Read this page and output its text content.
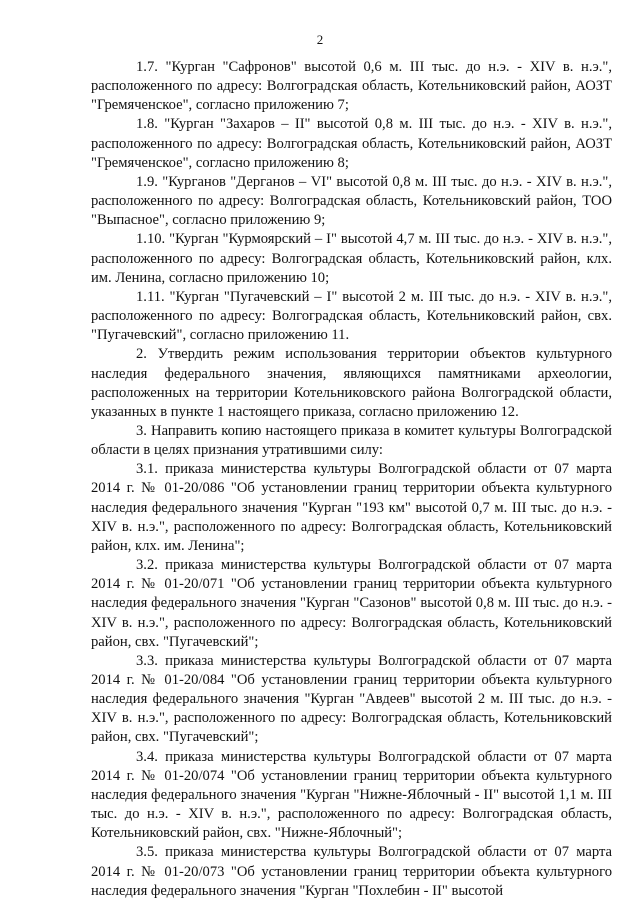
2

1.7. "Курган "Сафронов" высотой 0,6 м. III тыс. до н.э. - XIV в. н.э.", расположенного по адресу: Волгоградская область, Котельниковский район, АОЗТ "Гремяченское", согласно приложению 7;

1.8. "Курган "Захаров – II" высотой 0,8 м. III тыс. до н.э. - XIV в. н.э.", расположенного по адресу: Волгоградская область, Котельниковский район, АОЗТ "Гремяченское", согласно приложению 8;

1.9. "Курганов "Дерганов – VI" высотой 0,8 м. III тыс. до н.э. - XIV в. н.э.", расположенного по адресу: Волгоградская область, Котельниковский район, ТОО "Выпасное", согласно приложению 9;

1.10. "Курган "Курмоярский – I" высотой 4,7 м. III тыс. до н.э. - XIV в. н.э.", расположенного по адресу: Волгоградская область, Котельниковский район, клх. им. Ленина, согласно приложению 10;

1.11. "Курган "Пугачевский – I" высотой 2 м. III тыс. до н.э. - XIV в. н.э.", расположенного по адресу: Волгоградская область, Котельниковский район, свх. "Пугачевский", согласно приложению 11.

2. Утвердить режим использования территории объектов культурного наследия федерального значения, являющихся памятниками археологии, расположенных на территории Котельниковского района Волгоградской области, указанных в пункте 1 настоящего приказа, согласно приложению 12.

3. Направить копию настоящего приказа в комитет культуры Волгоградской области в целях признания утратившими силу:

3.1. приказа министерства культуры Волгоградской области от 07 марта 2014 г. № 01-20/086 "Об установлении границ территории объекта культурного наследия федерального значения "Курган "193 км" высотой 0,7 м. III тыс. до н.э. - XIV в. н.э.", расположенного по адресу: Волгоградская область, Котельниковский район, клх. им. Ленина";

3.2. приказа министерства культуры Волгоградской области от 07 марта 2014 г. № 01-20/071 "Об установлении границ территории объекта культурного наследия федерального значения "Курган "Сазонов" высотой 0,8 м. III тыс. до н.э. - XIV в. н.э.", расположенного по адресу: Волгоградская область, Котельниковский район, свх. "Пугачевский";

3.3. приказа министерства культуры Волгоградской области от 07 марта 2014 г. № 01-20/084 "Об установлении границ территории объекта культурного наследия федерального значения "Курган "Авдеев" высотой 2 м. III тыс. до н.э. - XIV в. н.э.", расположенного по адресу: Волгоградская область, Котельниковский район, свх. "Пугачевский";

3.4. приказа министерства культуры Волгоградской области от 07 марта 2014 г. № 01-20/074 "Об установлении границ территории объекта культурного наследия федерального значения "Курган "Нижне-Яблочный - II" высотой 1,1 м. III тыс. до н.э. - XIV в. н.э.", расположенного по адресу: Волгоградская область, Котельниковский район, свх. "Нижне-Яблочный";

3.5. приказа министерства культуры Волгоградской области от 07 марта 2014 г. № 01-20/073 "Об установлении границ территории объекта культурного наследия федерального значения "Курган "Похлебин - II" высотой
